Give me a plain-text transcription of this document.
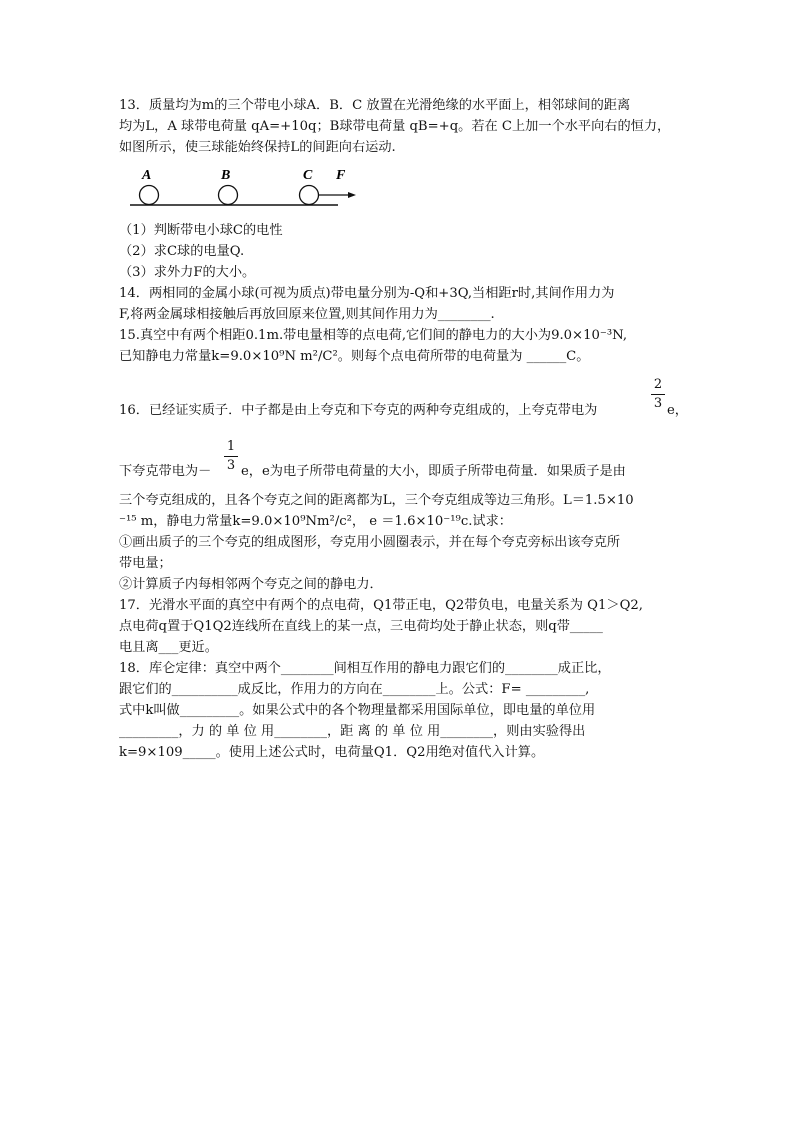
13．质量均为m的三个带电小球A．B．C 放置在光滑绝缘的水平面上，相邻球间的距离
均为L，A 球带电荷量 qA=+10q；B球带电荷量 qB=+q。若在 C上加一个水平向右的恒力，
如图所示，使三球能始终保持L的间距向右运动.
A	B	C F
（1）判断带电小球C的电性
（2）求C球的电量Q.
（3）求外力F的大小。
14．两相同的金属小球(可视为质点)带电量分别为-Q和+3Q,当相距r时,其间作用力为
F,将两金属球相接触后再放回原来位置,则其间作用力为________.
15.真空中有两个相距0.1m.带电量相等的点电荷,它们间的静电力的大小为9.0×10⁻³N,
已知静电力常量k=9.0×10⁹N m²/C²。则每个点电荷所带的电荷量为 ______C。
2
3
16．已经证实质子．中子都是由上夸克和下夸克的两种夸克组成的，上夸克带电为	e，
1
3
下夸克带电为－ e，e为电子所带电荷量的大小，即质子所带电荷量．如果质子是由
三个夸克组成的，且各个夸克之间的距离都为L，三个夸克组成等边三角形。L＝1.5×10
⁻¹⁵ m，静电力常量k=9.0×10⁹Nm²/c²， e ＝1.6×10⁻¹⁹c.试求：
①画出质子的三个夸克的组成图形，夸克用小圆圈表示，并在每个夸克旁标出该夸克所
带电量；
②计算质子内每相邻两个夸克之间的静电力．
17．光滑水平面的真空中有两个的点电荷，Q1带正电，Q2带负电，电量关系为 Q1＞Q2,
点电荷q置于Q1Q2连线所在直线上的某一点，三电荷均处于静止状态，则q带_____
电且离___更近。
18．库仑定律：真空中两个________间相互作用的静电力跟它们的________成正比，
跟它们的__________成反比，作用力的方向在________上。公式：F= _________,
式中k叫做_________。如果公式中的各个物理量都采用国际单位，即电量的单位用
_________，力 的 单 位 用________，距 离 的 单 位 用________，则由实验得出
k=9×109_____。使用上述公式时，电荷量Q1．Q2用绝对值代入计算。
